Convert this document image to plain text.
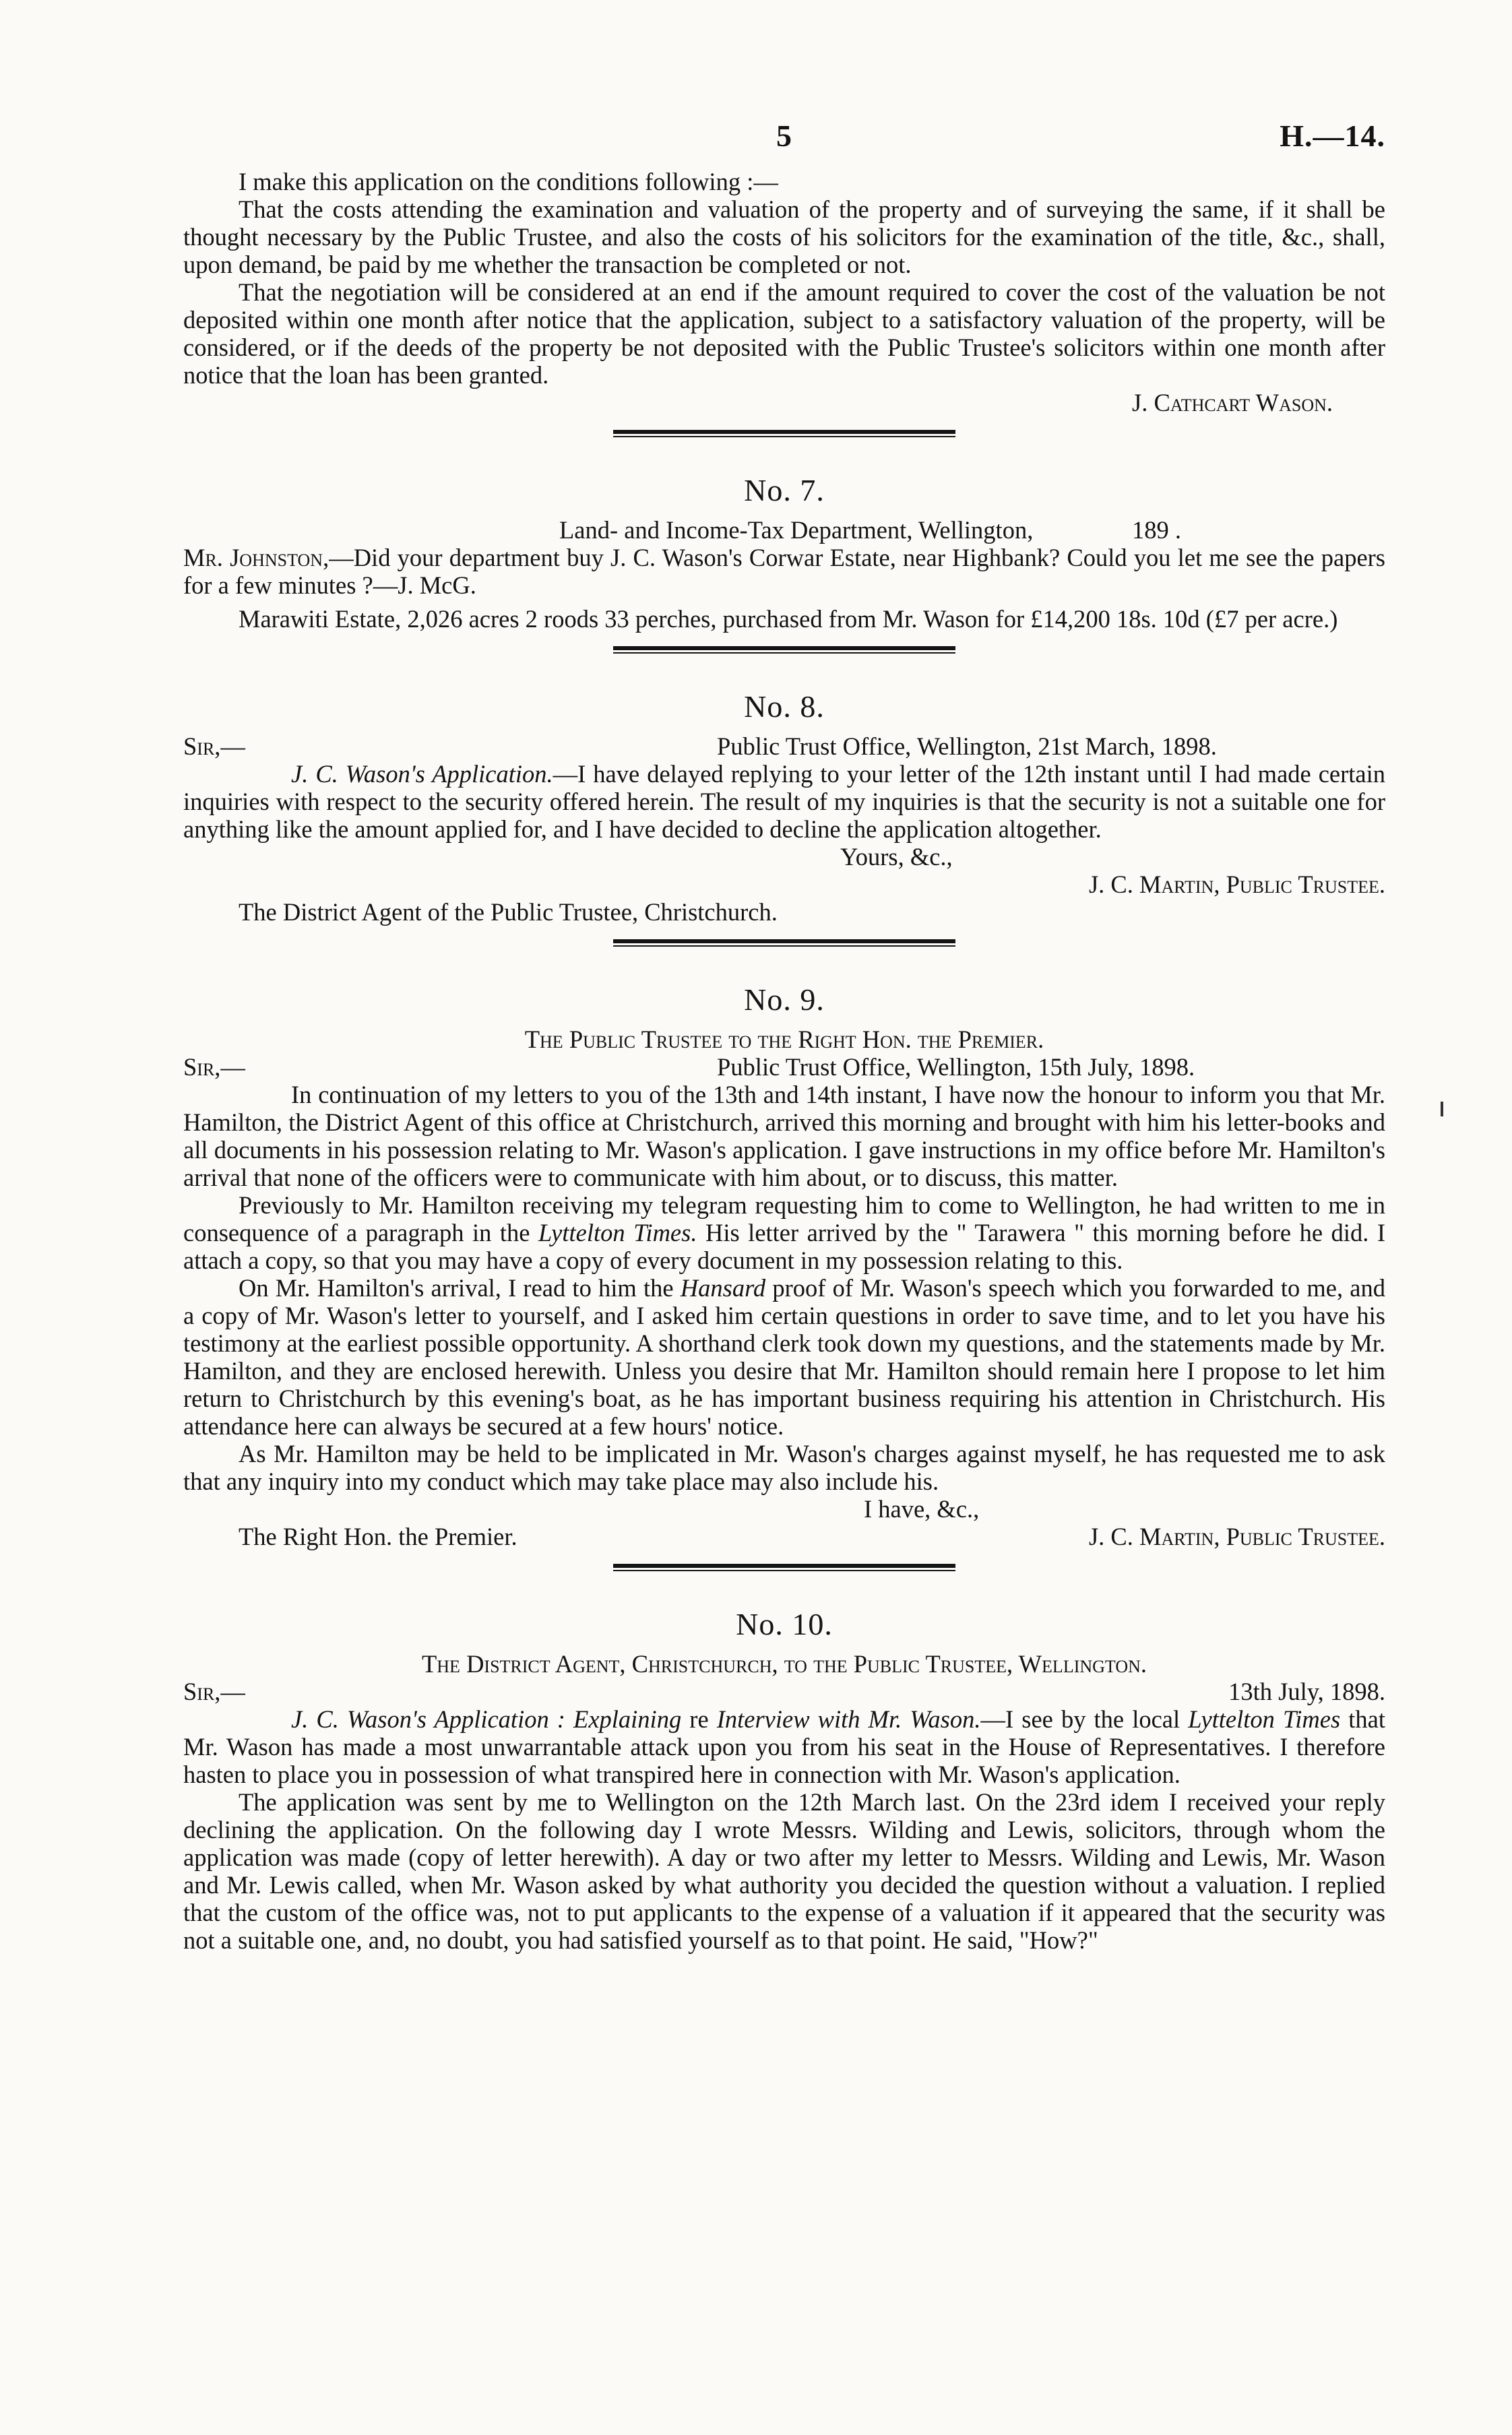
5	H.—14.

I make this application on the conditions following :—

That the costs attending the examination and valuation of the property and of surveying the same, if it shall be thought necessary by the Public Trustee, and also the costs of his solicitors for the examination of the title, &c., shall, upon demand, be paid by me whether the transaction be completed or not.

That the negotiation will be considered at an end if the amount required to cover the cost of the valuation be not deposited within one month after notice that the application, subject to a satisfactory valuation of the property, will be considered, or if the deeds of the property be not deposited with the Public Trustee's solicitors within one month after notice that the loan has been granted.

J. Cathcart Wason.

No. 7.
Land- and Income-Tax Department, Wellington,	189 .

Mr. Johnston,—Did your department buy J. C. Wason's Corwar Estate, near Highbank? Could you let me see the papers for a few minutes ?—J. McG.

Marawiti Estate, 2,026 acres 2 roods 33 perches, purchased from Mr. Wason for £14,200 18s. 10d (£7 per acre.)

No. 8.
Sir,—	Public Trust Office, Wellington, 21st March, 1898.

J. C. Wason's Application.—I have delayed replying to your letter of the 12th instant until I had made certain inquiries with respect to the security offered herein. The result of my inquiries is that the security is not a suitable one for anything like the amount applied for, and I have decided to decline the application altogether.

Yours, &c.,
J. C. Martin, Public Trustee.
The District Agent of the Public Trustee, Christchurch.
No. 9.

The Public Trustee to the Right Hon. the Premier.

Sir,—	Public Trust Office, Wellington, 15th July, 1898.

In continuation of my letters to you of the 13th and 14th instant, I have now the honour to inform you that Mr. Hamilton, the District Agent of this office at Christchurch, arrived this morning and brought with him his letter-books and all documents in his possession relating to Mr. Wason's application. I gave instructions in my office before Mr. Hamilton's arrival that none of the officers were to communicate with him about, or to discuss, this matter.

Previously to Mr. Hamilton receiving my telegram requesting him to come to Wellington, he had written to me in consequence of a paragraph in the Lyttelton Times. His letter arrived by the " Tarawera " this morning before he did. I attach a copy, so that you may have a copy of every document in my possession relating to this.

On Mr. Hamilton's arrival, I read to him the Hansard proof of Mr. Wason's speech which you forwarded to me, and a copy of Mr. Wason's letter to yourself, and I asked him certain questions in order to save time, and to let you have his testimony at the earliest possible opportunity. A shorthand clerk took down my questions, and the statements made by Mr. Hamilton, and they are enclosed herewith. Unless you desire that Mr. Hamilton should remain here I propose to let him return to Christchurch by this evening's boat, as he has important business requiring his attention in Christchurch. His attendance here can always be secured at a few hours' notice.

As Mr. Hamilton may be held to be implicated in Mr. Wason's charges against myself, he has requested me to ask that any inquiry into my conduct which may take place may also include his.

I have, &c.,
The Right Hon. the Premier.	J. C. Martin, Public Trustee.
No. 10.

The District Agent, Christchurch, to the Public Trustee, Wellington.

Sir,—	13th July, 1898.

J. C. Wason's Application : Explaining re Interview with Mr. Wason.—I see by the local Lyttelton Times that Mr. Wason has made a most unwarrantable attack upon you from his seat in the House of Representatives. I therefore hasten to place you in possession of what transpired here in connection with Mr. Wason's application.

The application was sent by me to Wellington on the 12th March last. On the 23rd idem I received your reply declining the application. On the following day I wrote Messrs. Wilding and Lewis, solicitors, through whom the application was made (copy of letter herewith). A day or two after my letter to Messrs. Wilding and Lewis, Mr. Wason and Mr. Lewis called, when Mr. Wason asked by what authority you decided the question without a valuation. I replied that the custom of the office was, not to put applicants to the expense of a valuation if it appeared that the security was not a suitable one, and, no doubt, you had satisfied yourself as to that point. He said, "How?"
